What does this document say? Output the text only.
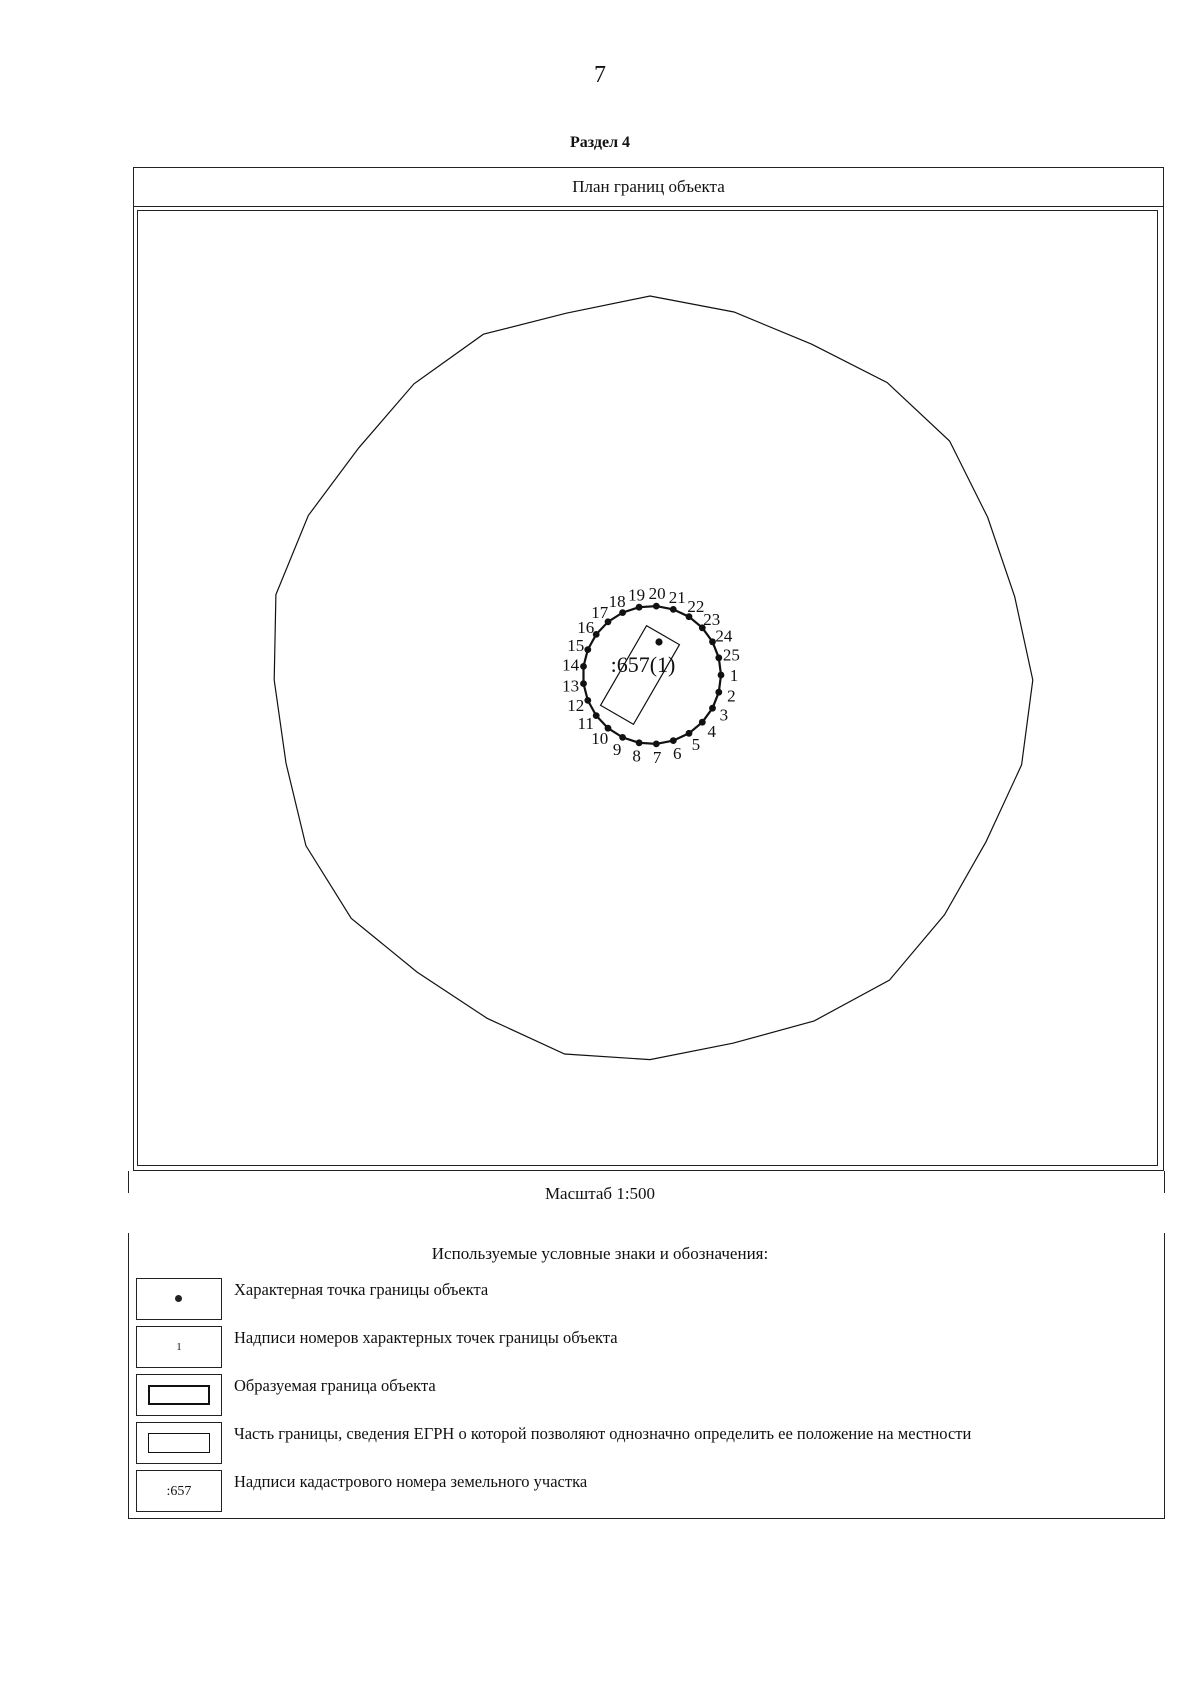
7
Раздел 4
План границ объекта
1
2
3
4
5
6
7
8
9
10
11
12
13
14
15
16
17
18 19 20 21 22
23
24
25
:657(1)
Масштаб 1:500
Используемые условные знаки и обозначения:
Характерная точка границы объекта
1	Надписи номеров характерных точек границы объекта
Образуемая граница объекта
Часть границы, сведения ЕГРН о которой позволяют однозначно определить ее положение на местности
:657
Надписи кадастрового номера земельного участка
